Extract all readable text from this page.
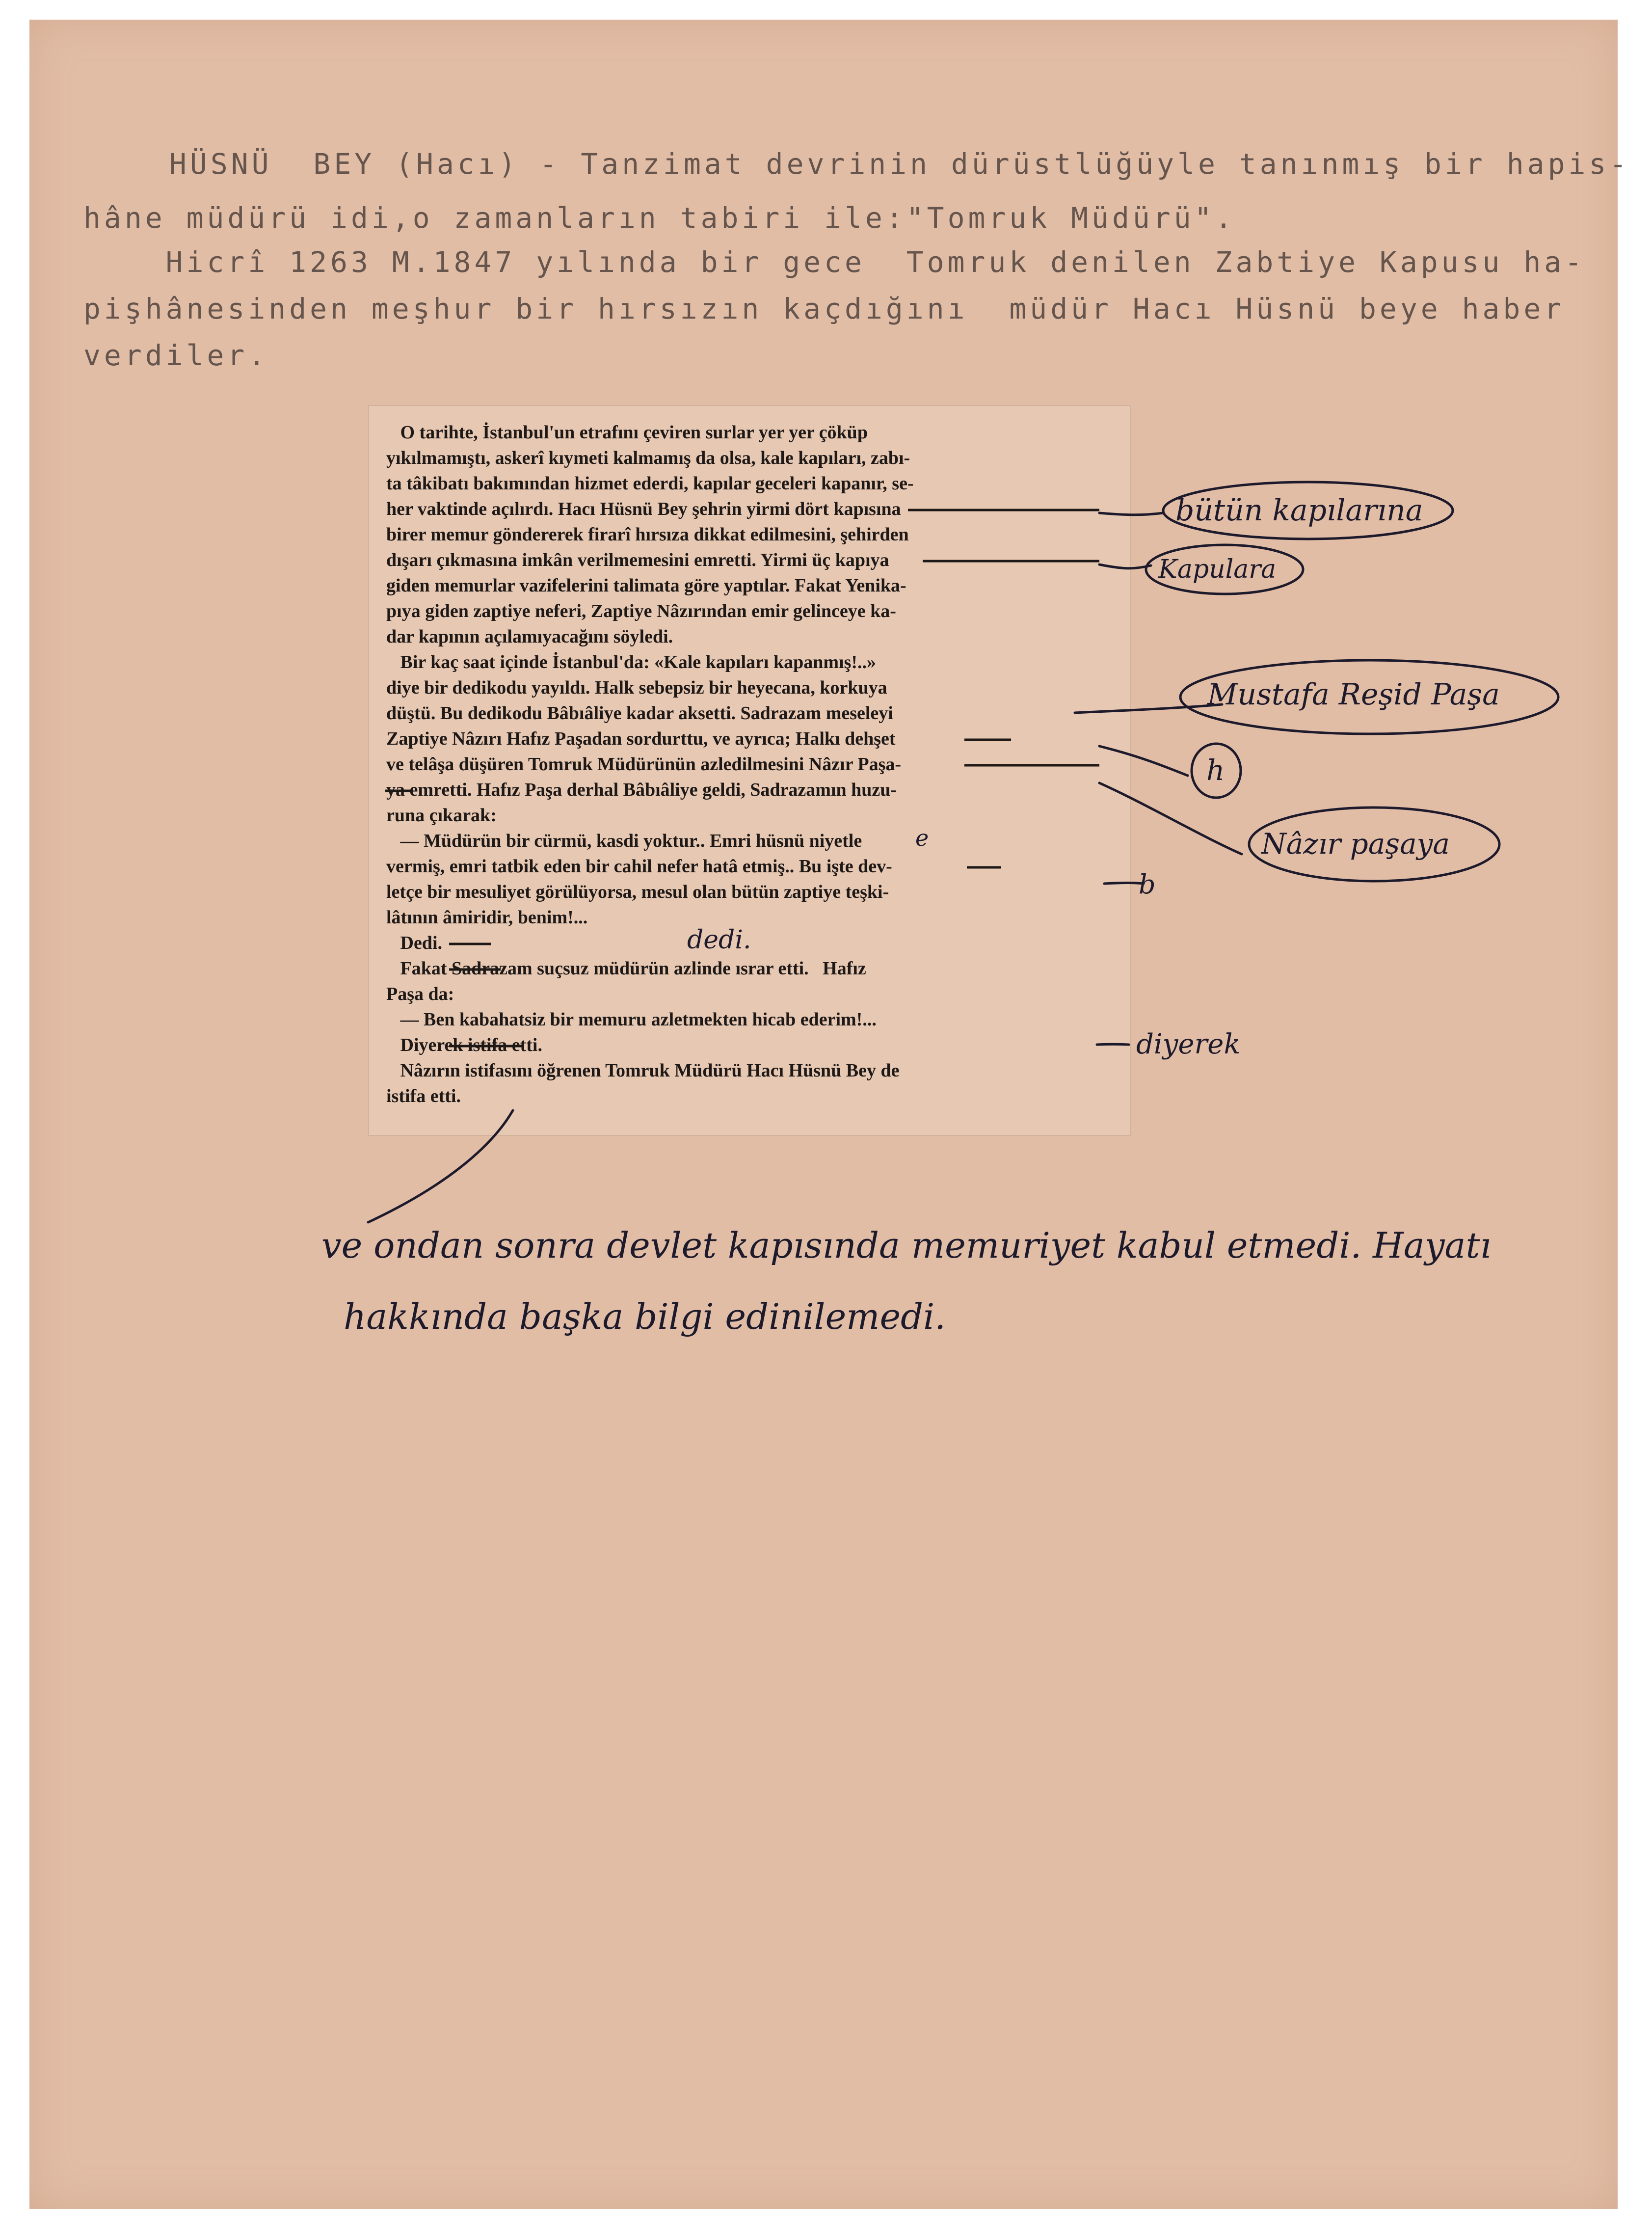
HÜSNÜ  BEY (Hacı) - Tanzimat devrinin dürüstlüğüyle tanınmış bir hapis-
hâne müdürü idi,o zamanların tabiri ile:"Tomruk Müdürü".
Hicrî 1263 M.1847 yılında bir gece  Tomruk denilen Zabtiye Kapusu ha-
pişhânesinden meşhur bir hırsızın kaçdığını  müdür Hacı Hüsnü beye haber
verdiler.
O tarihte, İstanbul'un etrafını çeviren surlar yer yer çöküp
yıkılmamıştı, askerî kıymeti kalmamış da olsa, kale kapıları, zabı-
ta tâkibatı bakımından hizmet ederdi, kapılar geceleri kapanır, se-
her vaktinde açılırdı. Hacı Hüsnü Bey şehrin yirmi dört kapısına
birer memur göndererek firarî hırsıza dikkat edilmesini, şehirden
dışarı çıkmasına imkân verilmemesini emretti. Yirmi üç kapıya
giden memurlar vazifelerini talimata göre yaptılar. Fakat Yenika-
pıya giden zaptiye neferi, Zaptiye Nâzırından emir gelinceye ka-
dar kapının açılamıyacağını söyledi.
Bir kaç saat içinde İstanbul'da: «Kale kapıları kapanmış!..»
diye bir dedikodu yayıldı. Halk sebepsiz bir heyecana, korkuya
düştü. Bu dedikodu Bâbıâliye kadar aksetti. Sadrazam meseleyi
Zaptiye Nâzırı Hafız Paşadan sordurttu, ve ayrıca; Halkı dehşet
ve telâşa düşüren Tomruk Müdürünün azledilmesini Nâzır Paşa-
ya emretti. Hafız Paşa derhal Bâbıâliye geldi, Sadrazamın huzu-
runa çıkarak:
— Müdürün bir cürmü, kasdi yoktur.. Emri hüsnü niyetle
vermiş, emri tatbik eden bir cahil nefer hatâ etmiş.. Bu işte dev-
letçe bir mesuliyet görülüyorsa, mesul olan bütün zaptiye teşki-
lâtının âmiridir, benim!...
Dedi.
Fakat Sadrazam suçsuz müdürün azlinde ısrar etti.   Hafız
Paşa da:
— Ben kabahatsiz bir memuru azletmekten hicab ederim!...
Diyerek istifa etti.
Nâzırın istifasını öğrenen Tomruk Müdürü Hacı Hüsnü Bey de
istifa etti.
bütün kapılarına
Kapulara
Mustafa Reşid Paşa
h
Nâzır paşaya
e
b
dedi.
diyerek
ve ondan sonra devlet kapısında memuriyet kabul etmedi. Hayatı
hakkında başka bilgi edinilemedi.
